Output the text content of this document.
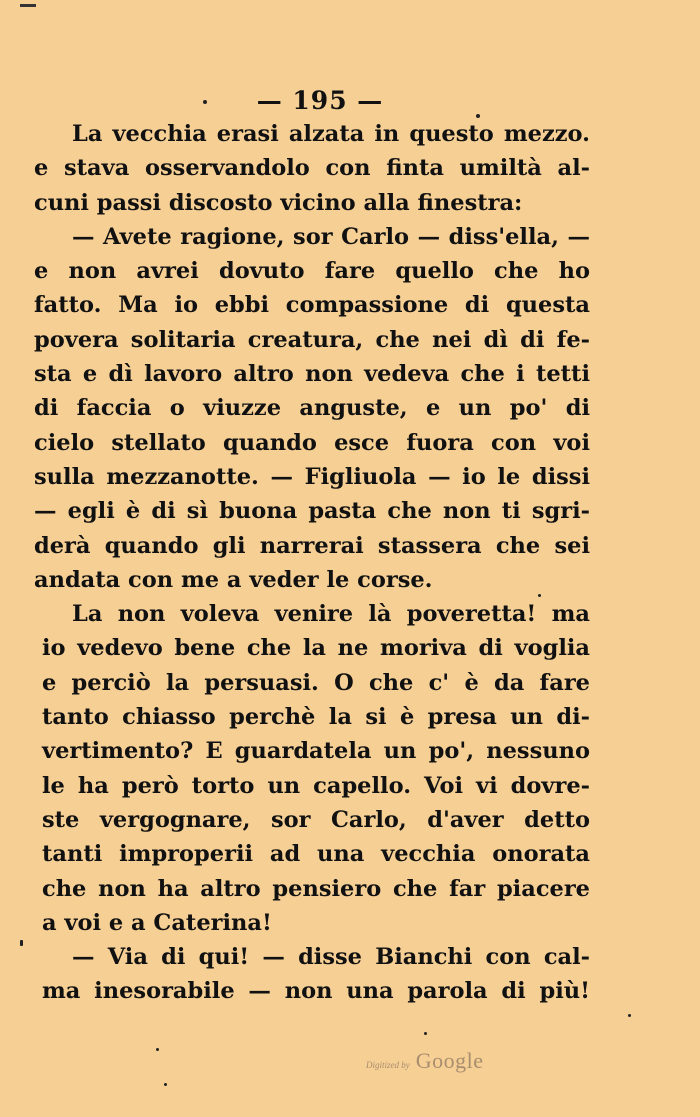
— 195 —
La vecchia erasi alzata in questo mezzo.
e stava osservandolo con finta umiltà al-
cuni passi discosto vicino alla finestra:
— Avete ragione, sor Carlo — diss'ella, —
e non avrei dovuto fare quello che ho
fatto. Ma io ebbi compassione di questa
povera solitaria creatura, che nei dì di fe-
sta e dì lavoro altro non vedeva che i tetti
di faccia o viuzze anguste, e un po' di
cielo stellato quando esce fuora con voi
sulla mezzanotte. — Figliuola — io le dissi
— egli è di sì buona pasta che non ti sgri-
derà quando gli narrerai stassera che sei
andata con me a veder le corse.
La non voleva venire là poveretta! ma
io vedevo bene che la ne moriva di voglia
e perciò la persuasi. O che c' è da fare
tanto chiasso perchè la si è presa un di-
vertimento? E guardatela un po', nessuno
le ha però torto un capello. Voi vi dovre-
ste vergognare, sor Carlo, d'aver detto
tanti improperii ad una vecchia onorata
che non ha altro pensiero che far piacere
a voi e a Caterina!
— Via di qui! — disse Bianchi con cal-
ma inesorabile — non una parola di più!
Digitized by Google
